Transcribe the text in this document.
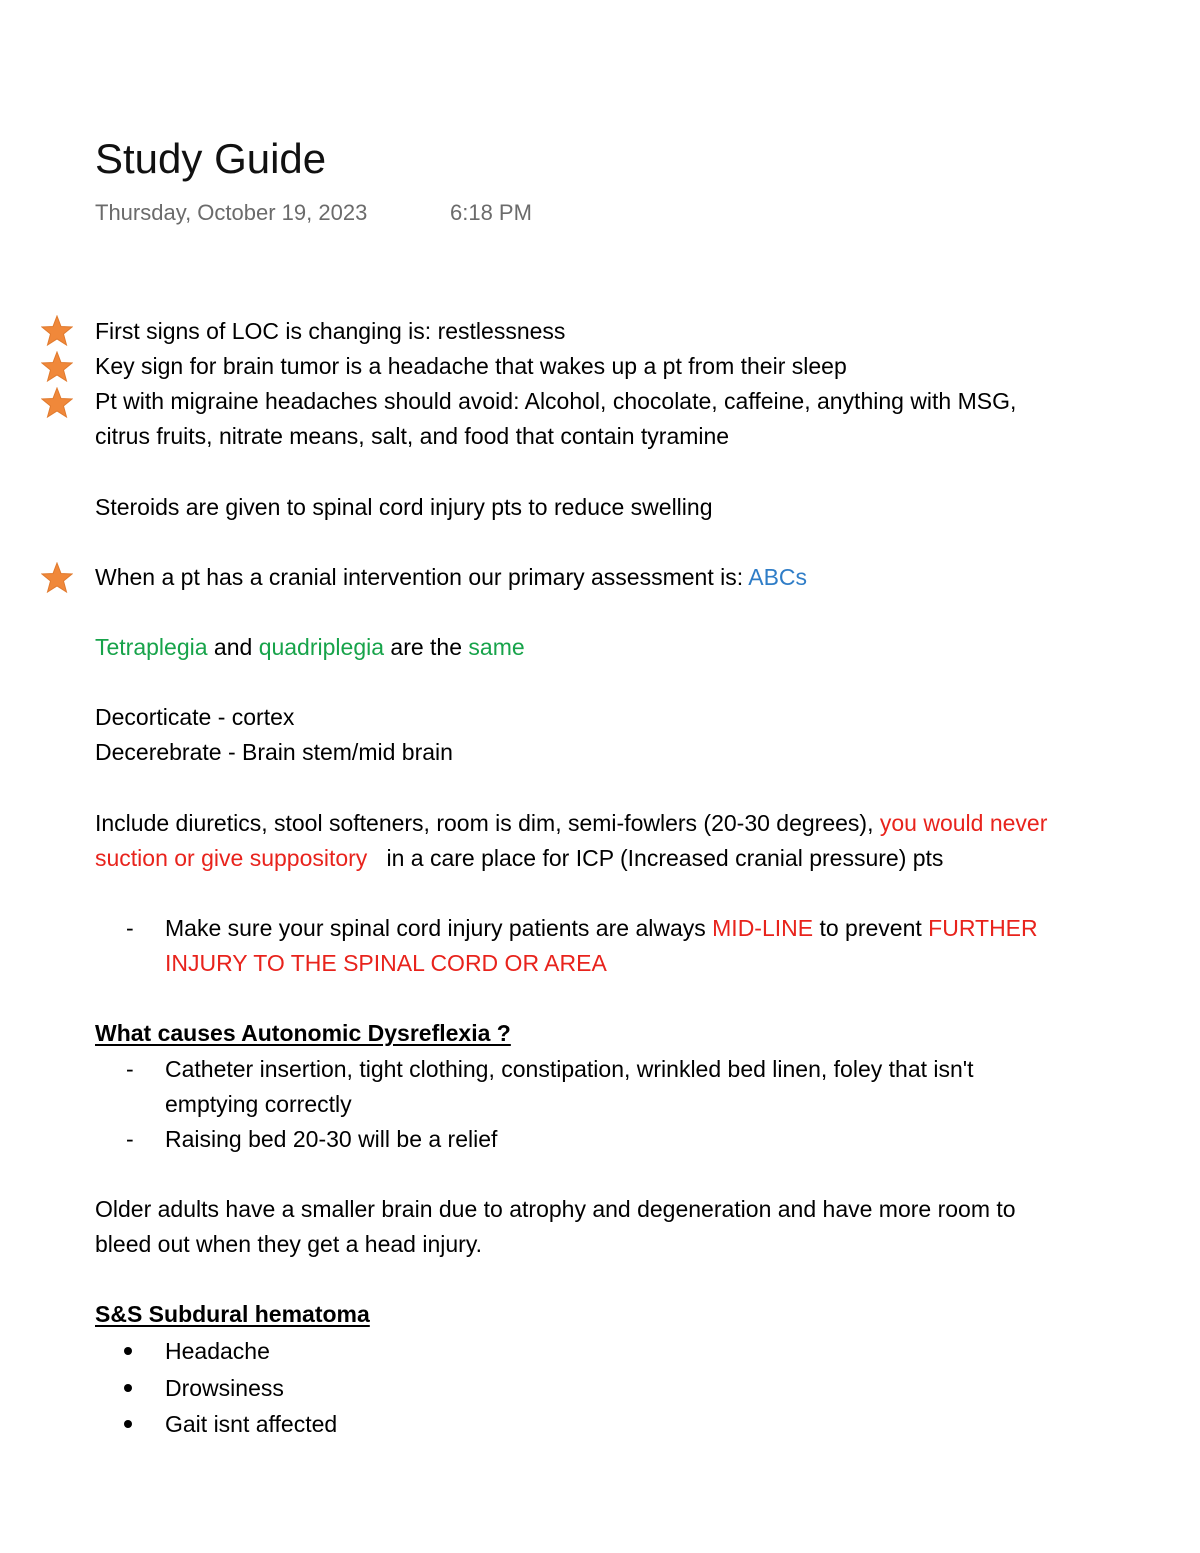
Study Guide
Thursday, October 19, 2023	6:18 PM
First signs of LOC is changing is: restlessness
Key sign for brain tumor is a headache that wakes up a pt from their sleep
Pt with migraine headaches should avoid: Alcohol, chocolate, caffeine, anything with MSG,
citrus fruits, nitrate means, salt, and food that contain tyramine
Steroids are given to spinal cord injury pts to reduce swelling
When a pt has a cranial intervention our primary assessment is: ABCs
Tetraplegia and quadriplegia are the same
Decorticate - cortex
Decerebrate - Brain stem/mid brain
Include diuretics, stool softeners, room is dim, semi-fowlers (20-30 degrees), you would never
suction or give suppository   in a care place for ICP (Increased cranial pressure) pts
- Make sure your spinal cord injury patients are always MID-LINE to prevent FURTHER
INJURY TO THE SPINAL CORD OR AREA
What causes Autonomic Dysreflexia ?
- Catheter insertion, tight clothing, constipation, wrinkled bed linen, foley that isn't
emptying correctly
- Raising bed 20-30 will be a relief
Older adults have a smaller brain due to atrophy and degeneration and have more room to
bleed out when they get a head injury.
S&S Subdural hematoma
Headache
Drowsiness
Gait isnt affected
